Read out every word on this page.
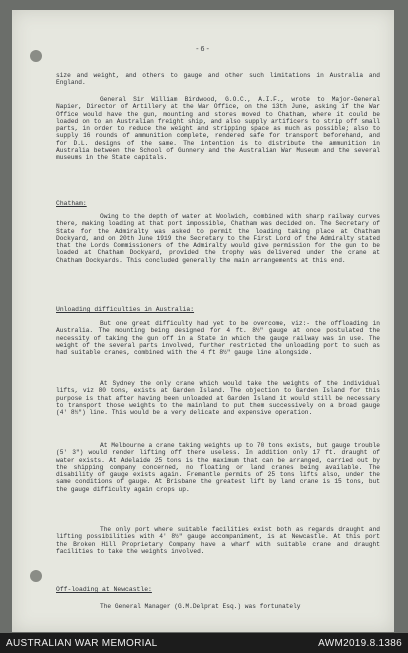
-6-
size and weight, and others to gauge and other such limitations in Australia and England.
General Sir William Birdwood, G.O.C., A.I.F., wrote to Major-General Napier, Director of Artillery at the War Office, on the 13th June, asking if the War Office would have the gun, mounting and stores moved to Chatham, where it could be loaded on to an Australian freight ship, and also supply artificers to strip off small parts, in order to reduce the weight and stripping space as much as possible; also to supply 16 rounds of ammunition complete, rendered safe for transport beforehand, and for D.L. designs of the same. The intention is to distribute the ammunition in Australia between the School of Gunnery and the Australian War Museum and the several museums in the State capitals.
Chatham:
Owing to the depth of water at Woolwich, combined with sharp railway curves there, making loading at that port impossible, Chatham was decided on. The Secretary of State for the Admiralty was asked to permit the loading taking place at Chatham Dockyard, and on 20th June 1919 the Secretary to the First Lord of the Admiralty stated that the Lords Commissioners of the Admiralty would give permission for the gun to be loaded at Chatham Dockyard, provided the trophy was delivered under the crane at Chatham Dockyards. This concluded generally the main arrangements at this end.
Unloading difficulties in Australia:
But one great difficulty had yet to be overcome, viz:- the offloading in Australia. The mounting being designed for 4 ft. 8½" gauge at once postulated the necessity of taking the gun off in a State in which the gauge railway was in use. The weight of the several parts involved, further restricted the unloading port to such as had suitable cranes, combined with the 4 ft 8½" gauge line alongside.
At Sydney the only crane which would take the weights of the individual lifts, viz 80 tons, exists at Garden Island. The objection to Garden Island for this purpose is that after having been unloaded at Garden Island it would still be necessary to transport those weights to the mainland to put them successively on a broad gauge (4' 8½") line. This would be a very delicate and expensive operation.
At Melbourne a crane taking weights up to 70 tons exists, but gauge trouble (5' 3") would render lifting off there useless. In addition only 17 ft. draught of water exists. At Adelaide 25 tons is the maximum that can be arranged, carried out by the shipping company concerned, no floating or land cranes being available. The disability of gauge exists again. Fremantle permits of 25 tons lifts also, under the same conditions of gauge. At Brisbane the greatest lift by land crane is 15 tons, but the gauge difficulty again crops up.
The only port where suitable facilities exist both as regards draught and lifting possibilities with 4' 8½" gauge accompaniment, is at Newcastle. At this port the Broken Hill Proprietary Company have a wharf with suitable crane and draught facilities to take the weights involved.
Off-loading at Newcastle:
The General Manager (G.M.Delprat Esq.) was fortunately
AUSTRALIAN WAR MEMORIAL	AWM2019.8.1386
